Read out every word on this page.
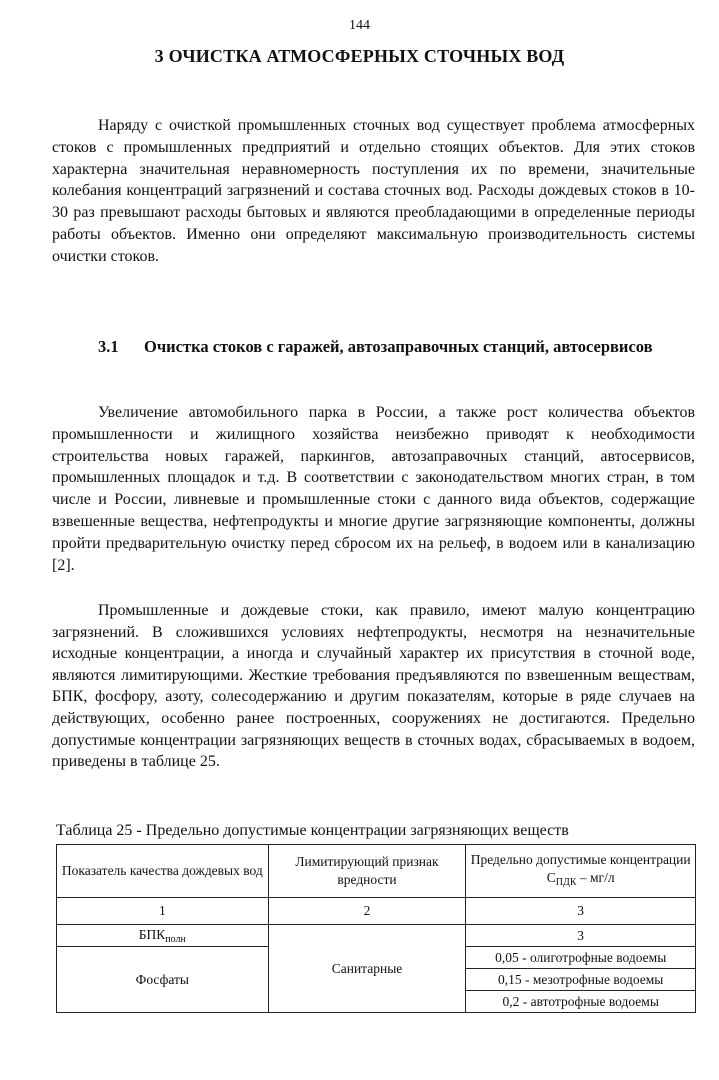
144
3 ОЧИСТКА АТМОСФЕРНЫХ СТОЧНЫХ ВОД
Наряду с очисткой промышленных сточных вод существует проблема атмосферных стоков с промышленных предприятий и отдельно стоящих объектов. Для этих стоков характерна значительная неравномерность поступления их по времени, значительные колебания концентраций загрязнений и состава сточных вод. Расходы дождевых стоков в 10-30 раз превышают расходы бытовых и являются преобладающими в определенные периоды работы объектов. Именно они определяют максимальную производительность системы очистки стоков.
3.1 Очистка стоков с гаражей, автозаправочных станций, автосервисов
Увеличение автомобильного парка в России, а также рост количества объектов промышленности и жилищного хозяйства неизбежно приводят к необходимости строительства новых гаражей, паркингов, автозаправочных станций, автосервисов, промышленных площадок и т.д. В соответствии с законодательством многих стран, в том числе и России, ливневые и промышленные стоки с данного вида объектов, содержащие взвешенные вещества, нефтепродукты и многие другие загрязняющие компоненты, должны пройти предварительную очистку перед сбросом их на рельеф, в водоем или в канализацию [2].
Промышленные и дождевые стоки, как правило, имеют малую концентрацию загрязнений. В сложившихся условиях нефтепродукты, несмотря на незначительные исходные концентрации, а иногда и случайный характер их присутствия в сточной воде, являются лимитирующими. Жесткие требования предъявляются по взвешенным веществам, БПК, фосфору, азоту, солесодержанию и другим показателям, которые в ряде случаев на действующих, особенно ранее построенных, сооружениях не достигаются. Предельно допустимые концентрации загрязняющих веществ в сточных водах, сбрасываемых в водоем, приведены в таблице 25.
Таблица 25 - Предельно допустимые концентрации загрязняющих веществ
Показатель качества дождевых вод	Лимитирующий признак вредности	Предельно допустимые концентрации $С_{ПДК} - мг/л$
1	2	3
$БПК_{полн}$	Санитарные	3
Фосфаты		0,05 - олиготрофные водоемы
		0,15 - мезотрофные водоемы
		0,2 - автотрофные водоемы
